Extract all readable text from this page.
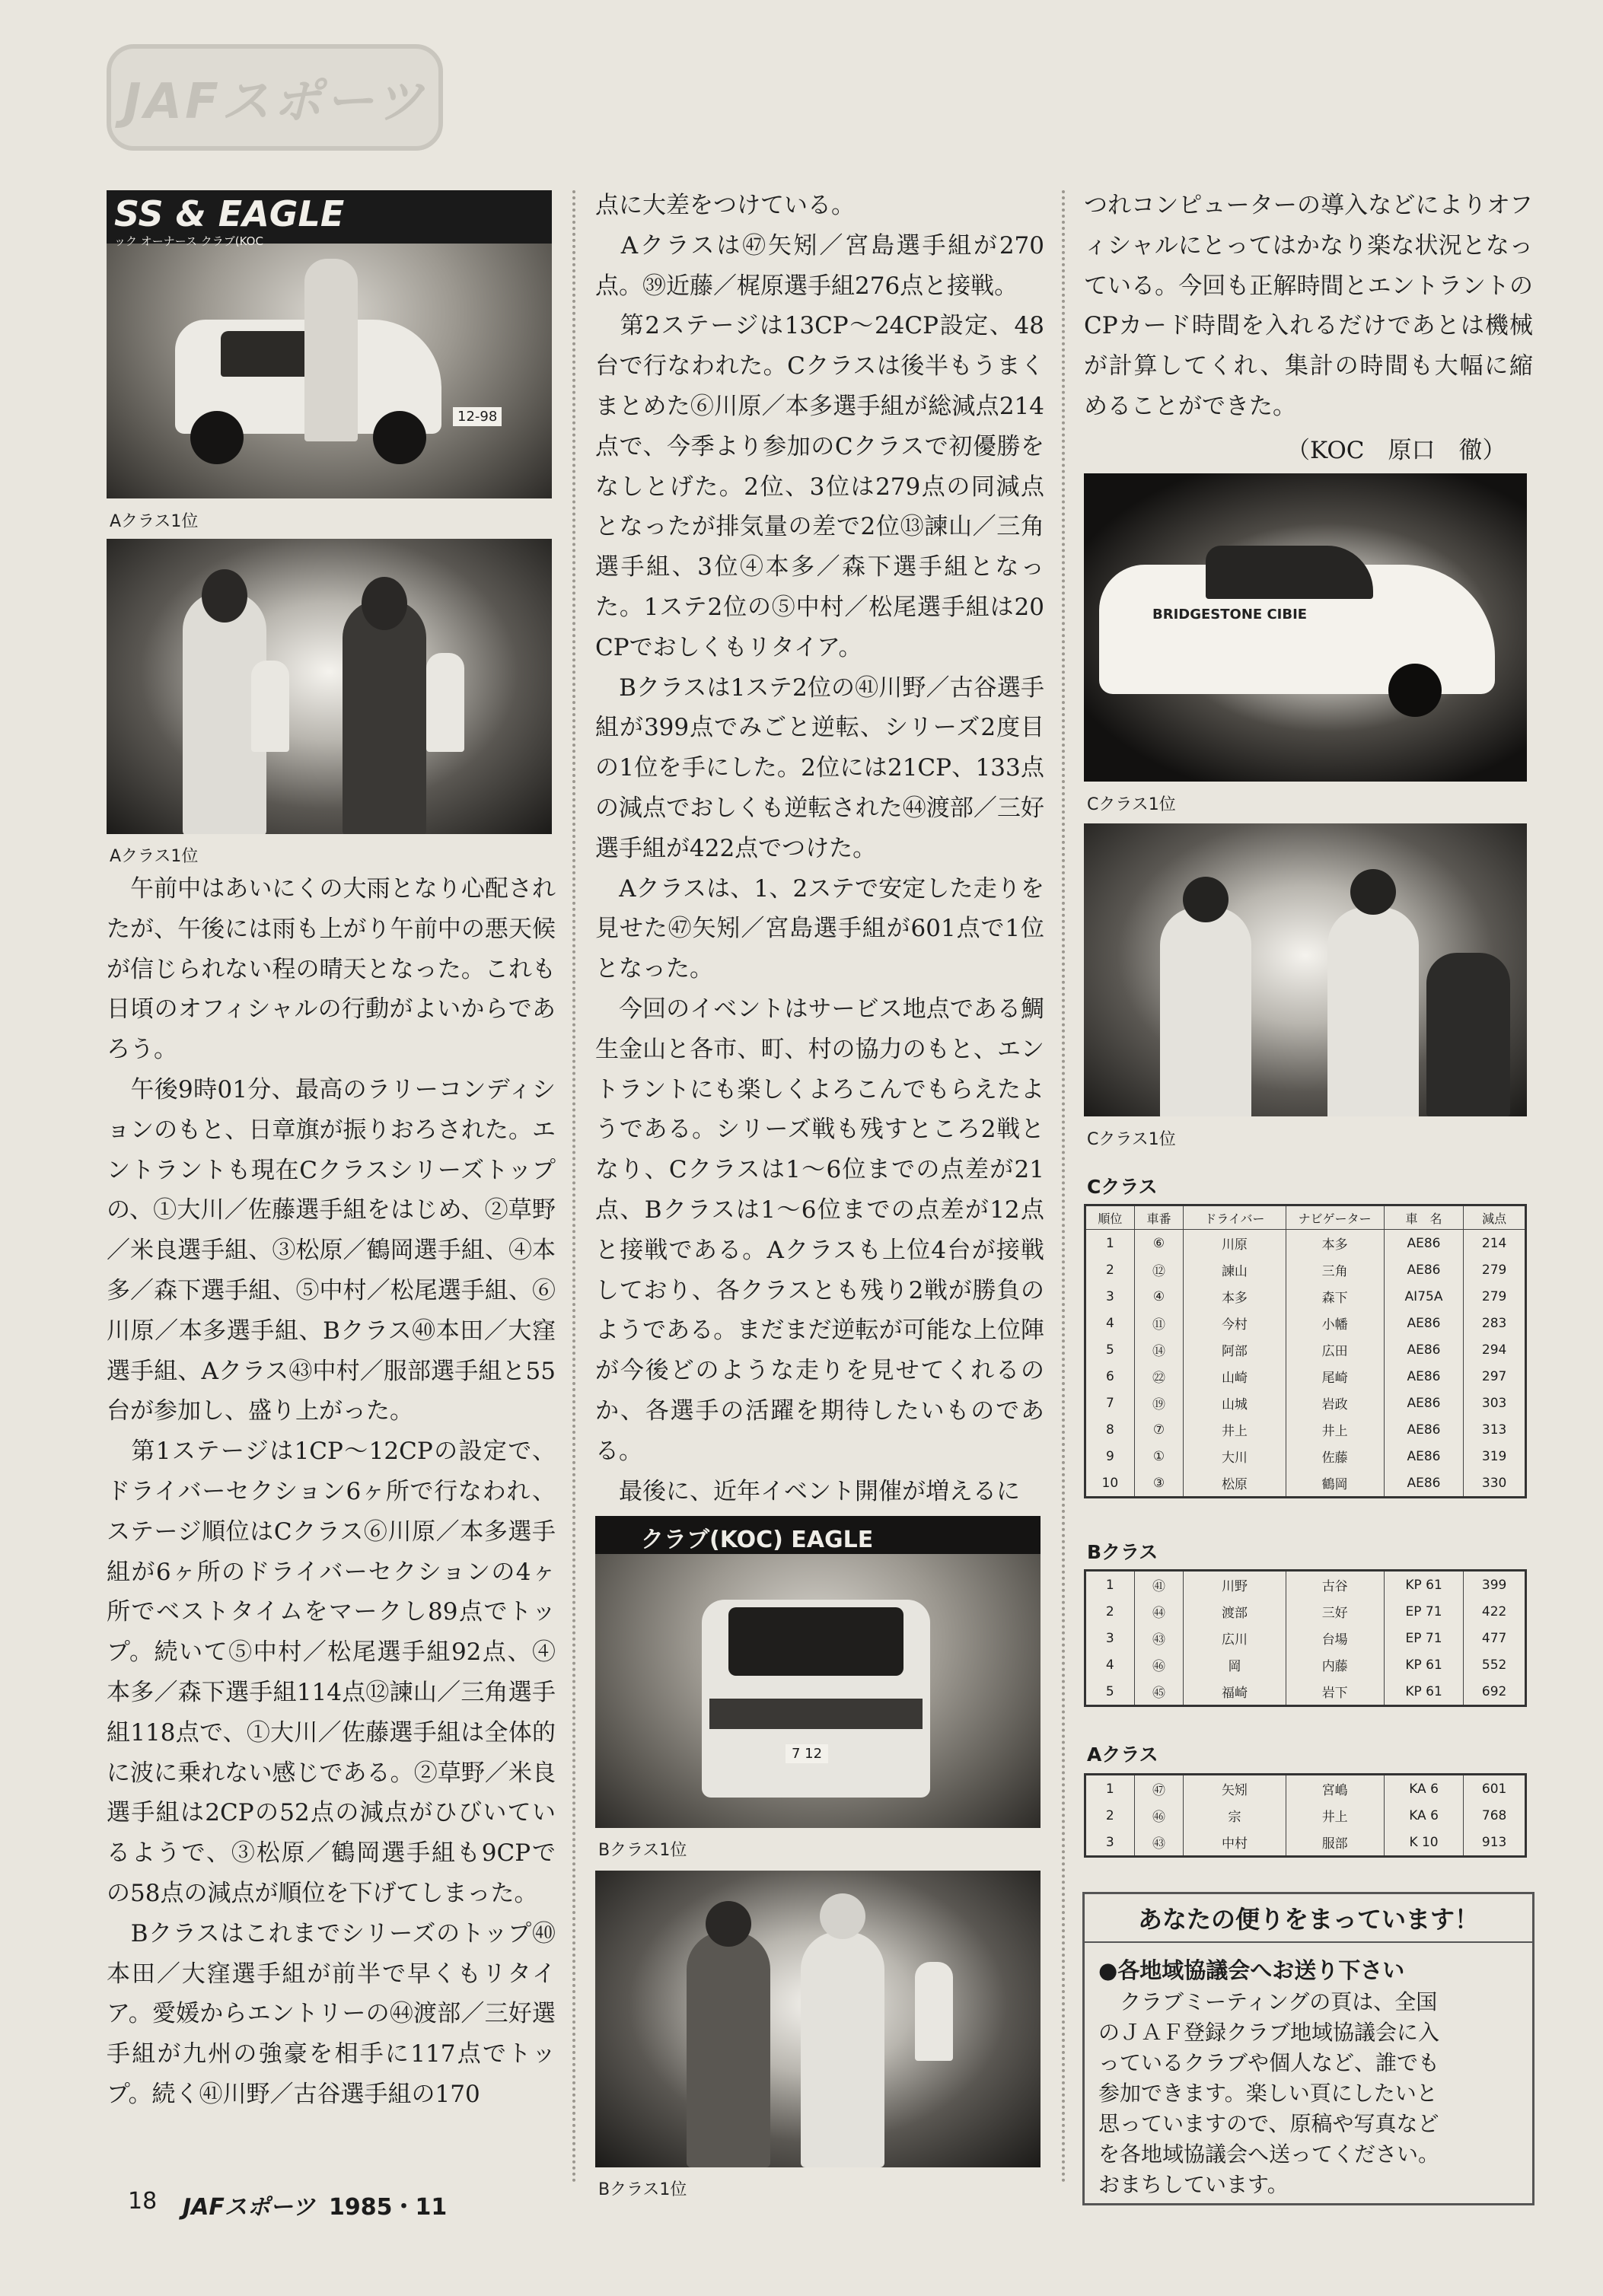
JAFスポーツ
SS & EAGLE
ック オーナース クラブ(KOC
12-98
Aクラス1位
Aクラス1位
　午前中はあいにくの大雨となり心配されたが、午後には雨も上がり午前中の悪天候が信じられない程の晴天となった。これも日頃のオフィシャルの行動がよいからであろう。
　午後9時01分、最高のラリーコンディションのもと、日章旗が振りおろされた。エントラントも現在Cクラスシリーズトップの、①大川／佐藤選手組をはじめ、②草野／米良選手組、③松原／鶴岡選手組、④本多／森下選手組、⑤中村／松尾選手組、⑥川原／本多選手組、Bクラス㊵本田／大窪選手組、Aクラス㊸中村／服部選手組と55台が参加し、盛り上がった。
　第1ステージは1CP～12CPの設定で、ドライバーセクション6ヶ所で行なわれ、ステージ順位はCクラス⑥川原／本多選手組が6ヶ所のドライバーセクションの4ヶ所でベストタイムをマークし89点でトップ。続いて⑤中村／松尾選手組92点、④本多／森下選手組114点⑫諫山／三角選手組118点で、①大川／佐藤選手組は全体的に波に乗れない感じである。②草野／米良選手組は2CPの52点の減点がひびいているようで、③松原／鶴岡選手組も9CPでの58点の減点が順位を下げてしまった。
　Bクラスはこれまでシリーズのトップ㊵本田／大窪選手組が前半で早くもリタイア。愛媛からエントリーの㊹渡部／三好選手組が九州の強豪を相手に117点でトップ。続く㊶川野／古谷選手組の170
点に大差をつけている。
　Aクラスは㊼矢矧／宮島選手組が270点。㊴近藤／梶原選手組276点と接戦。
　第2ステージは13CP～24CP設定、48台で行なわれた。Cクラスは後半もうまくまとめた⑥川原／本多選手組が総減点214点で、今季より参加のCクラスで初優勝をなしとげた。2位、3位は279点の同減点となったが排気量の差で2位⑬諫山／三角選手組、3位④本多／森下選手組となった。1ステ2位の⑤中村／松尾選手組は20CPでおしくもリタイア。
　Bクラスは1ステ2位の㊶川野／古谷選手組が399点でみごと逆転、シリーズ2度目の1位を手にした。2位には21CP、133点の減点でおしくも逆転された㊹渡部／三好選手組が422点でつけた。
　Aクラスは、1、2ステで安定した走りを見せた㊼矢矧／宮島選手組が601点で1位となった。
　今回のイベントはサービス地点である鯛生金山と各市、町、村の協力のもと、エントラントにも楽しくよろこんでもらえたようである。シリーズ戦も残すところ2戦となり、Cクラスは1～6位までの点差が21点、Bクラスは1～6位までの点差が12点と接戦である。Aクラスも上位4台が接戦しており、各クラスとも残り2戦が勝負のようである。まだまだ逆転が可能な上位陣が今後どのような走りを見せてくれるのか、各選手の活躍を期待したいものである。
　最後に、近年イベント開催が増えるに
クラブ(KOC) EAGLE
7 12
Bクラス1位
Bクラス1位
つれコンピューターの導入などによりオフィシャルにとってはかなり楽な状況となっている。今回も正解時間とエントラントのCPカード時間を入れるだけであとは機械が計算してくれ、集計の時間も大幅に縮めることができた。
（KOC　原口　徹）
BRIDGESTONE CIBIE
Cクラス1位
Cクラス1位
Cクラス
順位	車番	ドライバー	ナビゲーター	車　名	減点
1	⑥	川原	本多	AE86	214
2	⑫	諫山	三角	AE86	279
3	④	本多	森下	AI75A	279
4	⑪	今村	小幡	AE86	283
5	⑭	阿部	広田	AE86	294
6	㉒	山崎	尾崎	AE86	297
7	⑲	山城	岩政	AE86	303
8	⑦	井上	井上	AE86	313
9	①	大川	佐藤	AE86	319
10	③	松原	鶴岡	AE86	330
Bクラス
1	㊶	川野	古谷	KP 61	399
2	㊹	渡部	三好	EP 71	422
3	㊸	広川	台場	EP 71	477
4	㊻	岡	内藤	KP 61	552
5	㊺	福崎	岩下	KP 61	692
Aクラス
1	㊼	矢矧	宮嶋	KA 6	601
2	㊻	宗	井上	KA 6	768
3	㊸	中村	服部	K 10	913
あなたの便りをまっています！
●各地域協議会へお送り下さい
　クラブミーティングの頁は、全国
のＪＡＦ登録クラブ地域協議会に入
っているクラブや個人など、誰でも
参加できます。楽しい頁にしたいと
思っていますので、原稿や写真など
を各地域協議会へ送ってください。
おまちしています。
18 JAFスポーツ 1985・11
